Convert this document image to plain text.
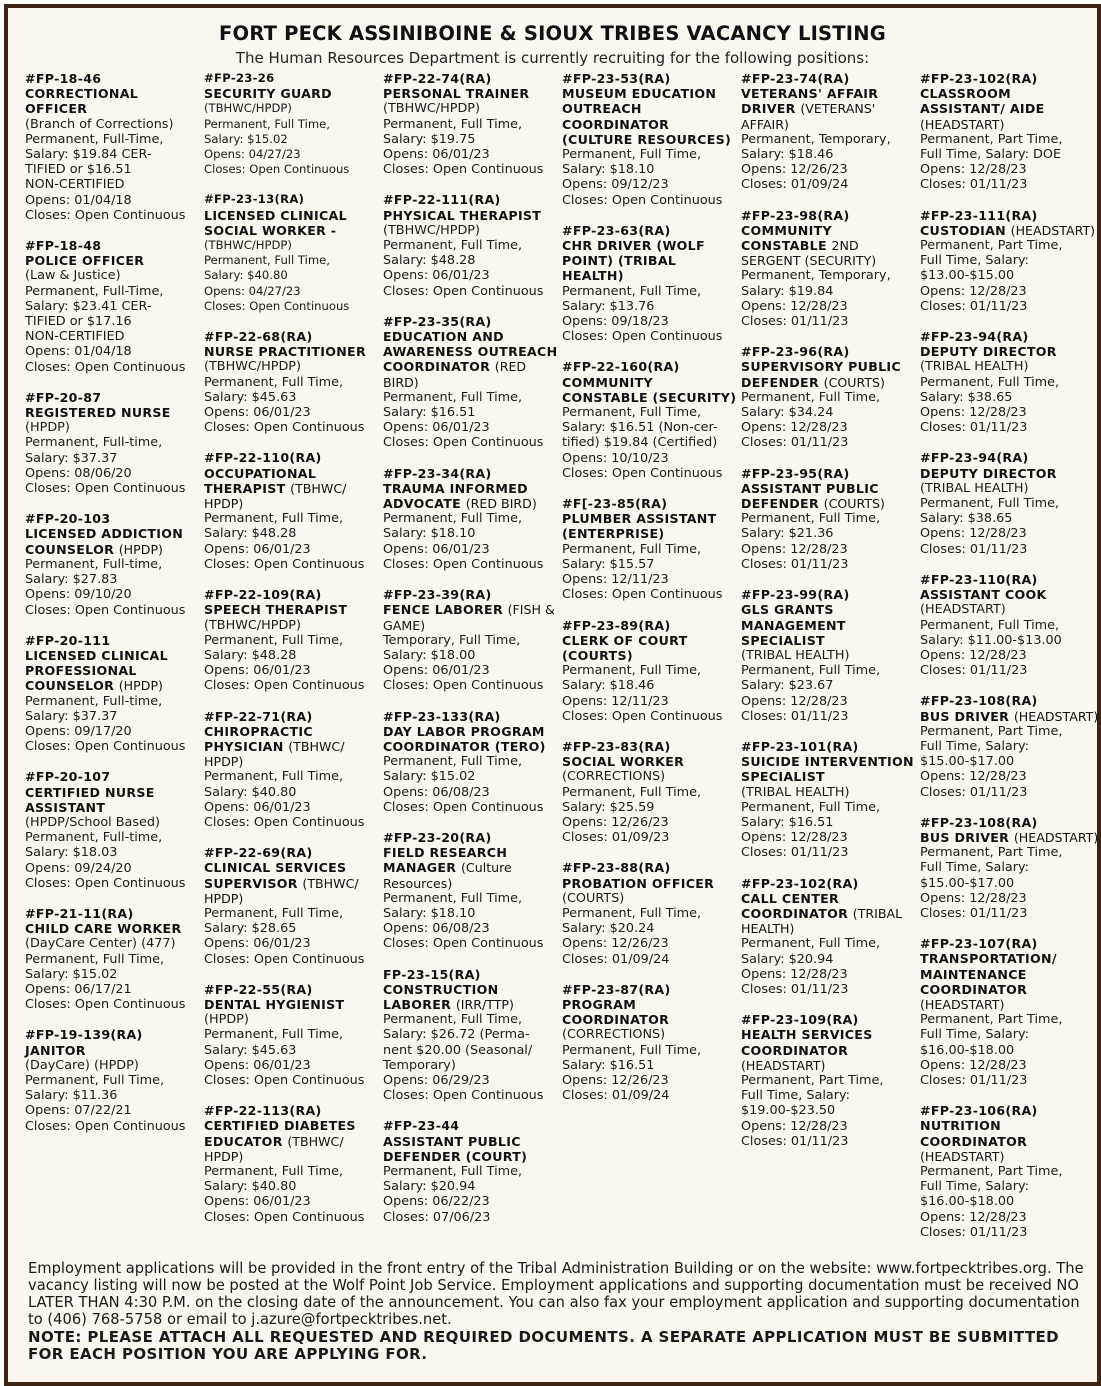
FORT PECK ASSINIBOINE & SIOUX TRIBES VACANCY LISTING
The Human Resources Department is currently recruiting for the following positions:
#FP-18-46
CORRECTIONAL OFFICER
(Branch of Corrections)
Permanent, Full-Time,
Salary: $19.84 CER-
TIFIED or $16.51
NON-CERTIFIED
Opens: 01/04/18
Closes: Open Continuous
#FP-18-48
POLICE OFFICER
(Law & Justice)
Permanent, Full-Time,
Salary: $23.41 CER-
TIFIED or $17.16
NON-CERTIFIED
Opens: 01/04/18
Closes: Open Continuous
#FP-20-87
REGISTERED NURSE
(HPDP)
Permanent, Full-time,
Salary: $37.37
Opens: 08/06/20
Closes: Open Continuous
#FP-20-103
LICENSED ADDICTION COUNSELOR (HPDP)
Permanent, Full-time,
Salary: $27.83
Opens: 09/10/20
Closes: Open Continuous
#FP-20-111
LICENSED CLINICAL PROFESSIONAL COUNSELOR (HPDP)
Permanent, Full-time,
Salary: $37.37
Opens: 09/17/20
Closes: Open Continuous
#FP-20-107
CERTIFIED NURSE ASSISTANT
(HPDP/School Based)
Permanent, Full-time,
Salary: $18.03
Opens: 09/24/20
Closes: Open Continuous
#FP-21-11(RA)
CHILD CARE WORKER
(DayCare Center) (477)
Permanent, Full Time,
Salary: $15.02
Opens: 06/17/21
Closes: Open Continuous
#FP-19-139(RA)
JANITOR
(DayCare) (HPDP)
Permanent, Full Time,
Salary: $11.36
Opens: 07/22/21
Closes: Open Continuous
#FP-23-26
SECURITY GUARD
(TBHWC/HPDP)
Permanent, Full Time,
Salary: $15.02
Opens: 04/27/23
Closes: Open Continuous
#FP-23-13(RA)
LICENSED CLINICAL SOCIAL WORKER -
(TBHWC/HPDP)
Permanent, Full Time,
Salary: $40.80
Opens: 04/27/23
Closes: Open Continuous
#FP-22-68(RA)
NURSE PRACTITIONER
(TBHWC/HPDP)
Permanent, Full Time,
Salary: $45.63
Opens: 06/01/23
Closes: Open Continuous
#FP-22-110(RA)
OCCUPATIONAL THERAPIST (TBHWC/ HPDP)
Permanent, Full Time,
Salary: $48.28
Opens: 06/01/23
Closes: Open Continuous
#FP-22-109(RA)
SPEECH THERAPIST
(TBHWC/HPDP)
Permanent, Full Time,
Salary: $48.28
Opens: 06/01/23
Closes: Open Continuous
#FP-22-71(RA)
CHIROPRACTIC PHYSICIAN (TBHWC/ HPDP)
Permanent, Full Time,
Salary: $40.80
Opens: 06/01/23
Closes: Open Continuous
#FP-22-69(RA)
CLINICAL SERVICES SUPERVISOR (TBHWC/ HPDP)
Permanent, Full Time,
Salary: $28.65
Opens: 06/01/23
Closes: Open Continuous
#FP-22-55(RA)
DENTAL HYGIENIST
(HPDP)
Permanent, Full Time,
Salary: $45.63
Opens: 06/01/23
Closes: Open Continuous
#FP-22-113(RA)
CERTIFIED DIABETES EDUCATOR (TBHWC/ HPDP)
Permanent, Full Time,
Salary: $40.80
Opens: 06/01/23
Closes: Open Continuous
#FP-22-74(RA)
PERSONAL TRAINER
(TBHWC/HPDP)
Permanent, Full Time,
Salary: $19.75
Opens: 06/01/23
Closes: Open Continuous
#FP-22-111(RA)
PHYSICAL THERAPIST
(TBHWC/HPDP)
Permanent, Full Time,
Salary: $48.28
Opens: 06/01/23
Closes: Open Continuous
#FP-23-35(RA)
EDUCATION AND AWARENESS OUTREACH COORDINATOR (RED BIRD)
Permanent, Full Time,
Salary: $16.51
Opens: 06/01/23
Closes: Open Continuous
#FP-23-34(RA)
TRAUMA INFORMED ADVOCATE (RED BIRD)
Permanent, Full Time,
Salary: $18.10
Opens: 06/01/23
Closes: Open Continuous
#FP-23-39(RA)
FENCE LABORER (FISH & GAME)
Temporary, Full Time,
Salary: $18.00
Opens: 06/01/23
Closes: Open Continuous
#FP-23-133(RA)
DAY LABOR PROGRAM COORDINATOR (TERO)
Permanent, Full Time,
Salary: $15.02
Opens: 06/08/23
Closes: Open Continuous
#FP-23-20(RA)
FIELD RESEARCH MANAGER (Culture Resources)
Permanent, Full Time,
Salary: $18.10
Opens: 06/08/23
Closes: Open Continuous
FP-23-15(RA)
CONSTRUCTION LABORER (IRR/TTP)
Permanent, Full Time,
Salary: $26.72 (Perma-
nent $20.00 (Seasonal/
Temporary)
Opens: 06/29/23
Closes: Open Continuous
#FP-23-44
ASSISTANT PUBLIC DEFENDER (COURT)
Permanent, Full Time,
Salary: $20.94
Opens: 06/22/23
Closes: 07/06/23
#FP-23-53(RA)
MUSEUM EDUCATION OUTREACH COORDINATOR (CULTURE RESOURCES)
Permanent, Full Time,
Salary: $18.10
Opens: 09/12/23
Closes: Open Continuous
#FP-23-63(RA)
CHR DRIVER (WOLF POINT) (TRIBAL HEALTH)
Permanent, Full Time,
Salary: $13.76
Opens: 09/18/23
Closes: Open Continuous
#FP-22-160(RA)
COMMUNITY CONSTABLE (SECURITY)
Permanent, Full Time,
Salary: $16.51 (Non-cer-
tified) $19.84 (Certified)
Opens: 10/10/23
Closes: Open Continuous
#F[-23-85(RA)
PLUMBER ASSISTANT (ENTERPRISE)
Permanent, Full Time,
Salary: $15.57
Opens: 12/11/23
Closes: Open Continuous
#FP-23-89(RA)
CLERK OF COURT (COURTS)
Permanent, Full Time,
Salary: $18.46
Opens: 12/11/23
Closes: Open Continuous
#FP-23-83(RA)
SOCIAL WORKER
(CORRECTIONS)
Permanent, Full Time,
Salary: $25.59
Opens: 12/26/23
Closes: 01/09/23
#FP-23-88(RA)
PROBATION OFFICER
(COURTS)
Permanent, Full Time,
Salary: $20.24
Opens: 12/26/23
Closes: 01/09/24
#FP-23-87(RA)
PROGRAM COORDINATOR
(CORRECTIONS)
Permanent, Full Time,
Salary: $16.51
Opens: 12/26/23
Closes: 01/09/24
#FP-23-74(RA)
VETERANS' AFFAIR DRIVER (VETERANS' AFFAIR)
Permanent, Temporary,
Salary: $18.46
Opens: 12/26/23
Closes: 01/09/24
#FP-23-98(RA)
COMMUNITY CONSTABLE 2ND SERGENT (SECURITY)
Permanent, Temporary,
Salary: $19.84
Opens: 12/28/23
Closes: 01/11/23
#FP-23-96(RA)
SUPERVISORY PUBLIC DEFENDER (COURTS)
Permanent, Full Time,
Salary: $34.24
Opens: 12/28/23
Closes: 01/11/23
#FP-23-95(RA)
ASSISTANT PUBLIC DEFENDER (COURTS)
Permanent, Full Time,
Salary: $21.36
Opens: 12/28/23
Closes: 01/11/23
#FP-23-99(RA)
GLS GRANTS MANAGEMENT SPECIALIST
(TRIBAL HEALTH)
Permanent, Full Time,
Salary: $23.67
Opens: 12/28/23
Closes: 01/11/23
#FP-23-101(RA)
SUICIDE INTERVENTION SPECIALIST
(TRIBAL HEALTH)
Permanent, Full Time,
Salary: $16.51
Opens: 12/28/23
Closes: 01/11/23
#FP-23-102(RA)
CALL CENTER COORDINATOR (TRIBAL HEALTH)
Permanent, Full Time,
Salary: $20.94
Opens: 12/28/23
Closes: 01/11/23
#FP-23-109(RA)
HEALTH SERVICES COORDINATOR (HEADSTART)
Permanent, Part Time,
Full Time, Salary:
$19.00-$23.50
Opens: 12/28/23
Closes: 01/11/23
#FP-23-102(RA)
CLASSROOM ASSISTANT/ AIDE (HEADSTART)
Permanent, Part Time,
Full Time, Salary: DOE
Opens: 12/28/23
Closes: 01/11/23
#FP-23-111(RA)
CUSTODIAN (HEADSTART)
Permanent, Part Time,
Full Time, Salary:
$13.00-$15.00
Opens: 12/28/23
Closes: 01/11/23
#FP-23-94(RA)
DEPUTY DIRECTOR
(TRIBAL HEALTH)
Permanent, Full Time,
Salary: $38.65
Opens: 12/28/23
Closes: 01/11/23
#FP-23-94(RA)
DEPUTY DIRECTOR
(TRIBAL HEALTH)
Permanent, Full Time,
Salary: $38.65
Opens: 12/28/23
Closes: 01/11/23
#FP-23-110(RA)
ASSISTANT COOK
(HEADSTART)
Permanent, Full Time,
Salary: $11.00-$13.00
Opens: 12/28/23
Closes: 01/11/23
#FP-23-108(RA)
BUS DRIVER (HEADSTART)
Permanent, Part Time,
Full Time, Salary:
$15.00-$17.00
Opens: 12/28/23
Closes: 01/11/23
#FP-23-108(RA)
BUS DRIVER (HEADSTART)
Permanent, Part Time,
Full Time, Salary:
$15.00-$17.00
Opens: 12/28/23
Closes: 01/11/23
#FP-23-107(RA)
TRANSPORTATION/ MAINTENANCE COORDINATOR (HEADSTART)
Permanent, Part Time,
Full Time, Salary:
$16.00-$18.00
Opens: 12/28/23
Closes: 01/11/23
#FP-23-106(RA)
NUTRITION COORDINATOR (HEADSTART)
Permanent, Part Time,
Full Time, Salary:
$16.00-$18.00
Opens: 12/28/23
Closes: 01/11/23
Employment applications will be provided in the front entry of the Tribal Administration Building or on the website: www.fortpecktribes.org. The vacancy listing will now be posted at the Wolf Point Job Service. Employment applications and supporting documentation must be received NO LATER THAN 4:30 P.M. on the closing date of the announcement. You can also fax your employment application and supporting documentation to (406) 768-5758 or email to j.azure@fortpecktribes.net.
NOTE: PLEASE ATTACH ALL REQUESTED AND REQUIRED DOCUMENTS. A SEPARATE APPLICATION MUST BE SUBMITTED FOR EACH POSITION YOU ARE APPLYING FOR.
